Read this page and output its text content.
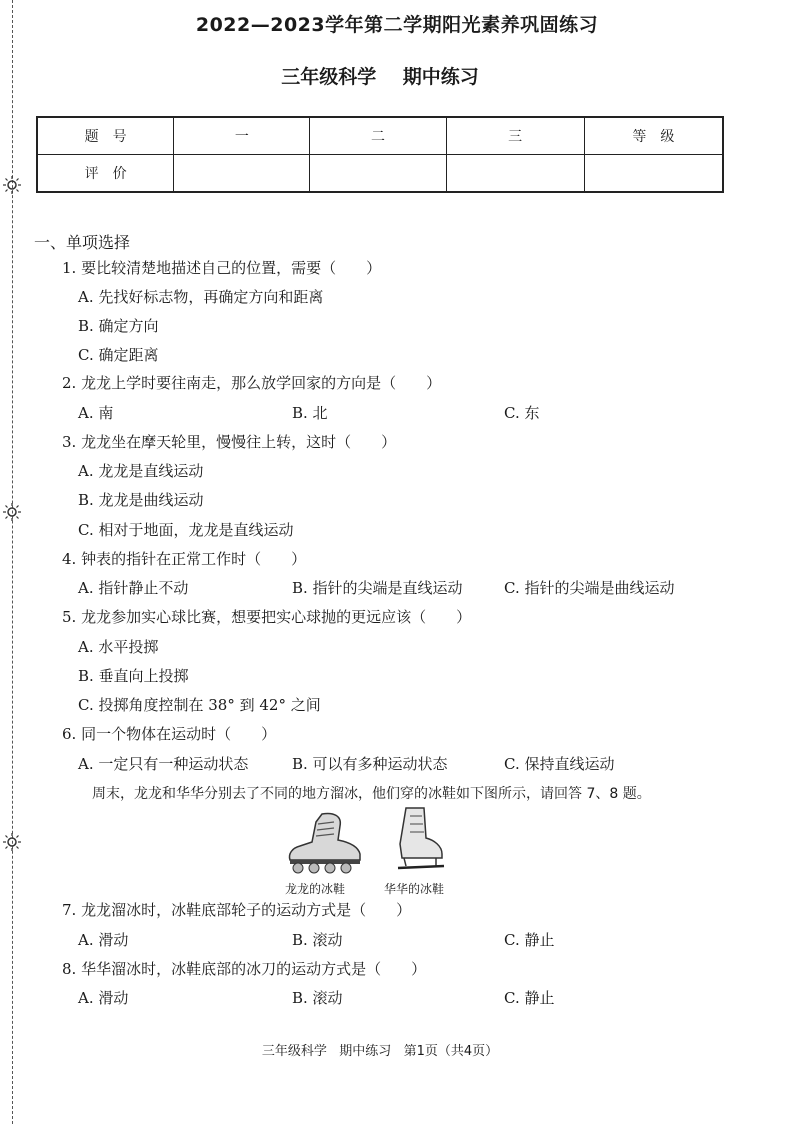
2022—2023学年第二学期阳光素养巩固练习
三年级科学    期中练习
题　号	一	二	三	等　级
评　价				
一、单项选择
1. 要比较清楚地描述自己的位置，需要（　　）
A. 先找好标志物，再确定方向和距离
B. 确定方向
C. 确定距离
2. 龙龙上学时要往南走，那么放学回家的方向是（　　）
A. 南	B. 北	C. 东
3. 龙龙坐在摩天轮里，慢慢往上转，这时（　　）
A. 龙龙是直线运动
B. 龙龙是曲线运动
C. 相对于地面，龙龙是直线运动
4. 钟表的指针在正常工作时（　　）
A. 指针静止不动	B. 指针的尖端是直线运动	C. 指针的尖端是曲线运动
5. 龙龙参加实心球比赛，想要把实心球抛的更远应该（　　）
A. 水平投掷
B. 垂直向上投掷
C. 投掷角度控制在 38° 到 42° 之间
6. 同一个物体在运动时（　　）
A. 一定只有一种运动状态	B. 可以有多种运动状态	C. 保持直线运动
周末，龙龙和华华分别去了不同的地方溜冰，他们穿的冰鞋如下图所示，请回答 7、8 题。
龙龙的冰鞋	华华的冰鞋
7. 龙龙溜冰时，冰鞋底部轮子的运动方式是（　　）
A. 滑动	B. 滚动	C. 静止
8. 华华溜冰时，冰鞋底部的冰刀的运动方式是（　　）
A. 滑动	B. 滚动	C. 静止
三年级科学   期中练习   第1页（共4页）
